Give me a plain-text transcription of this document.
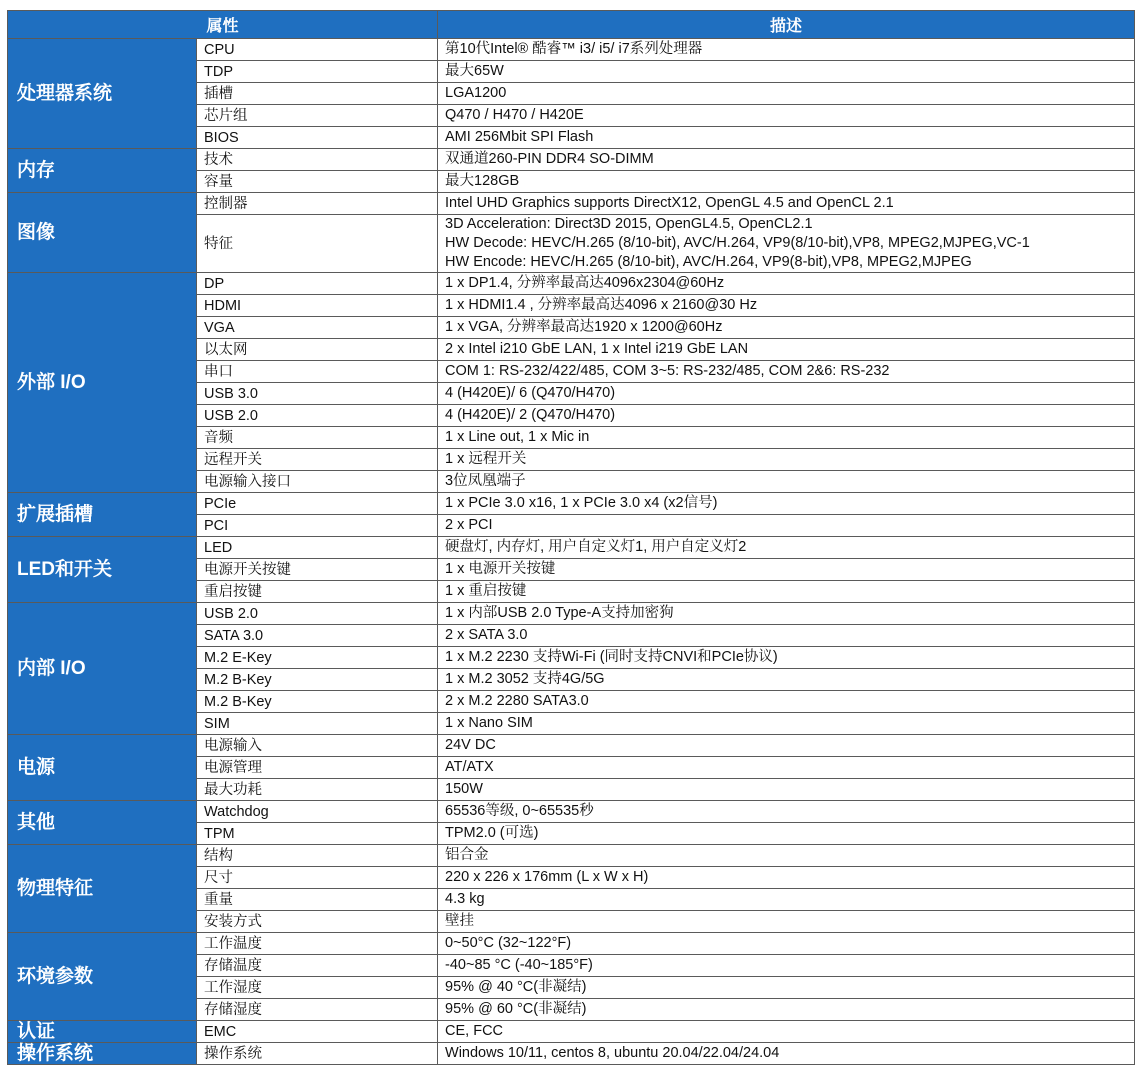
属性		描述
处理器系统	CPU	第10代Intel® 酷睿™ i3/ i5/ i7系列处理器

	TDP	最大65W

	插槽	LGA1200

	芯片组	Q470 / H470 / H420E

	BIOS	AMI 256Mbit SPI Flash

内存	技术	双通道260-PIN DDR4 SO-DIMM

	容量	最大128GB

图像	控制器	Intel UHD Graphics supports DirectX12, OpenGL 4.5 and OpenCL 2.1

	特征	3D Acceleration: Direct3D 2015, OpenGL4.5, OpenCL2.1
HW Decode: HEVC/H.265 (8/10-bit), AVC/H.264, VP9(8/10-bit),VP8, MPEG2,MJPEG,VC-1
HW Encode: HEVC/H.265 (8/10-bit), AVC/H.264, VP9(8-bit),VP8, MPEG2,MJPEG

外部 I/O	DP	1 x DP1.4, 分辨率最高达4096x2304@60Hz

	HDMI	1 x HDMI1.4 , 分辨率最高达4096 x 2160@30 Hz

	VGA	1 x VGA, 分辨率最高达1920 x 1200@60Hz

	以太网	2 x Intel i210 GbE LAN, 1 x Intel i219 GbE LAN

	串口	COM 1: RS-232/422/485, COM 3~5: RS-232/485, COM 2&6: RS-232

	USB 3.0	4 (H420E)/ 6 (Q470/H470)

	USB 2.0	4 (H420E)/ 2 (Q470/H470)

	音频	1 x Line out, 1 x Mic in

	远程开关	1 x 远程开关

	电源输入接口	3位凤凰端子

扩展插槽	PCIe	1 x PCIe 3.0 x16, 1 x PCIe 3.0 x4 (x2信号)

	PCI	2 x PCI

LED和开关	LED	硬盘灯, 内存灯, 用户自定义灯1, 用户自定义灯2

	电源开关按键	1 x 电源开关按键

	重启按键	1 x 重启按键

内部 I/O	USB 2.0	1 x 内部USB 2.0 Type-A支持加密狗

	SATA 3.0	2 x SATA 3.0

	M.2 E-Key	1 x M.2 2230 支持Wi-Fi (同时支持CNVI和PCIe协议)

	M.2 B-Key	1 x M.2 3052 支持4G/5G

	M.2 B-Key	2 x M.2 2280 SATA3.0

	SIM	1 x Nano SIM

电源	电源输入	24V DC

	电源管理	AT/ATX

	最大功耗	150W

其他	Watchdog	65536等级, 0~65535秒

	TPM	TPM2.0 (可选)

物理特征	结构	铝合金

	尺寸	220 x 226 x 176mm (L x W x H)

	重量	4.3 kg

	安装方式	壁挂

环境参数	工作温度	0~50°C (32~122°F)

	存储温度	-40~85 °C (-40~185°F)

	工作湿度	95% @ 40 °C(非凝结)

	存储湿度	95% @ 60 °C(非凝结)

认证	EMC	CE, FCC

操作系统	操作系统	Windows 10/11, centos 8, ubuntu 20.04/22.04/24.04
